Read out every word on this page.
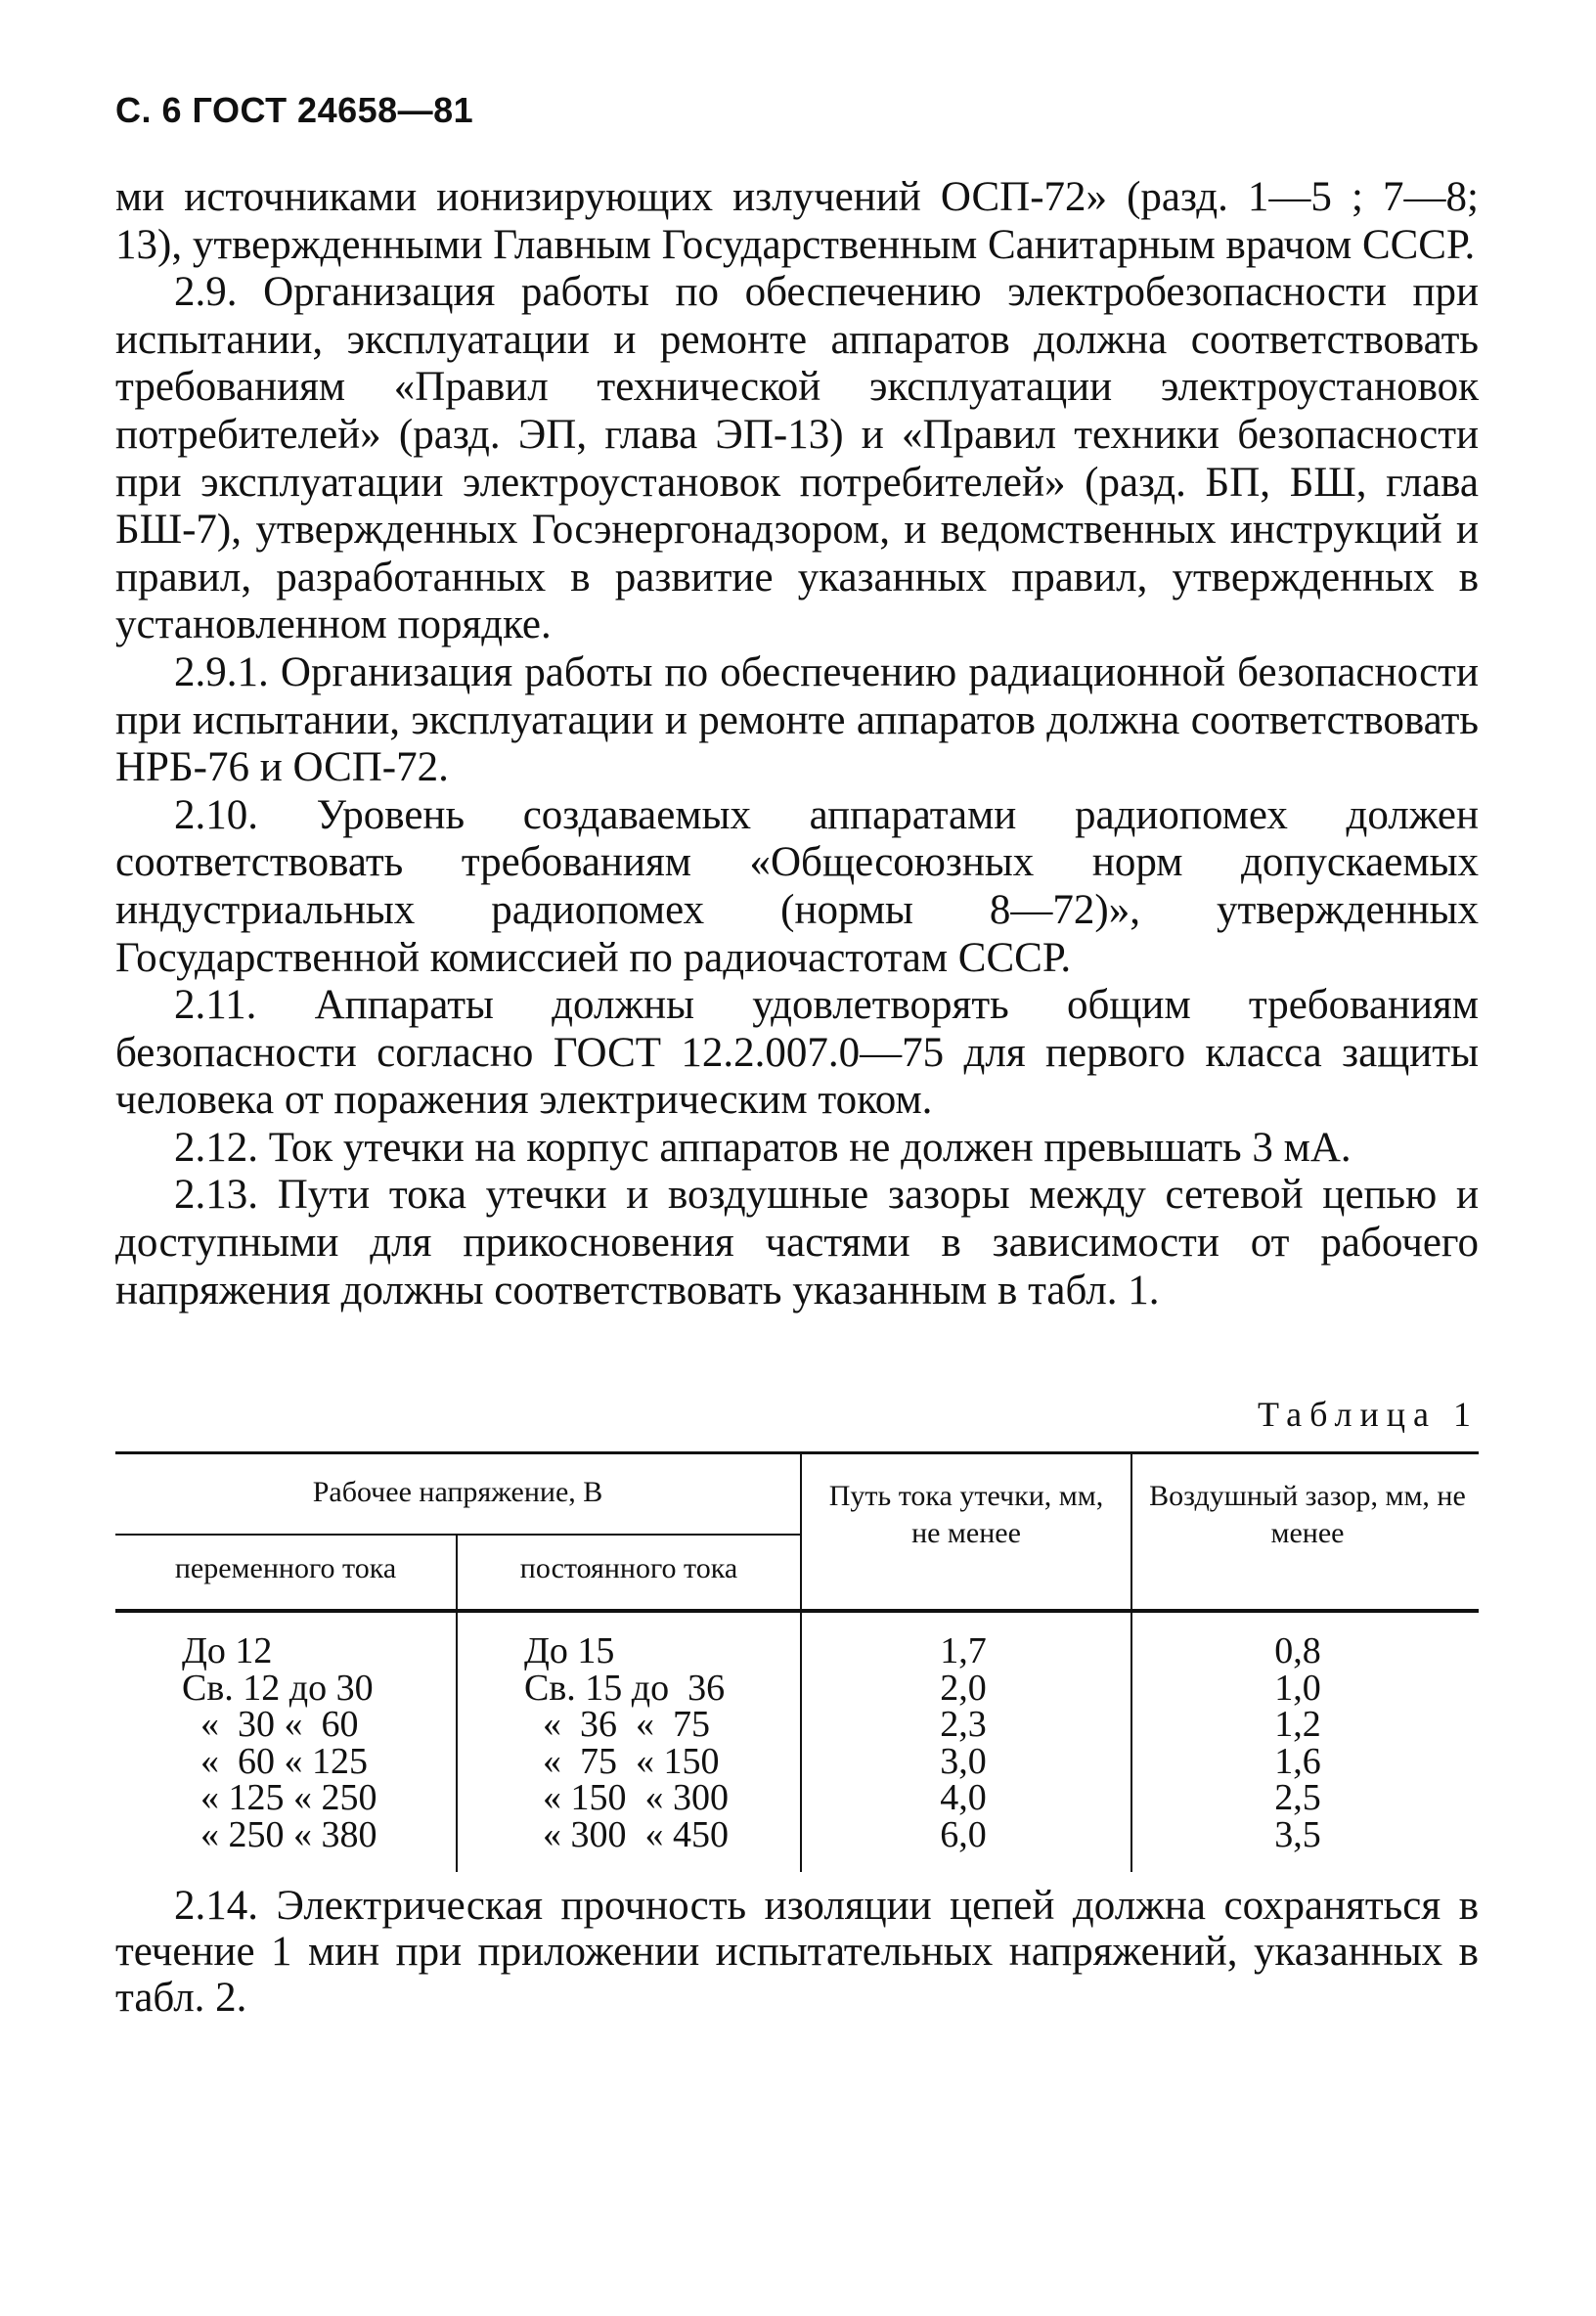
С. 6 ГОСТ 24658—81

ми источниками ионизирующих излучений ОСП-72» (разд. 1—5 ; 7—8; 13), утвержденными Главным Государственным Санитарным врачом СССР.

2.9. Организация работы по обеспечению электробезопасности при испытании, эксплуатации и ремонте аппаратов должна соответствовать требованиям «Правил технической эксплуатации электроустановок потребителей» (разд. ЭП, глава ЭП-13) и «Правил техники безопасности при эксплуатации электроустановок потребителей» (разд. БП, БШ, глава БШ-7), утвержденных Госэнергонадзором, и ведомственных инструкций и правил, разработанных в развитие указанных правил, утвержденных в установленном порядке.

2.9.1. Организация работы по обеспечению радиационной безопасности при испытании, эксплуатации и ремонте аппаратов должна соответствовать НРБ-76 и ОСП-72.

2.10. Уровень создаваемых аппаратами радиопомех должен соответствовать требованиям «Общесоюзных норм допускаемых индустриальных радиопомех (нормы 8—72)», утвержденных Государственной комиссией по радиочастотам СССР.

2.11. Аппараты должны удовлетворять общим требованиям безопасности согласно ГОСТ 12.2.007.0—75 для первого класса защиты человека от поражения электрическим током.

2.12. Ток утечки на корпус аппаратов не должен превышать 3 мА.

2.13. Пути тока утечки и воздушные зазоры между сетевой цепью и доступными для прикосновения частями в зависимости от рабочего напряжения должны соответствовать указанным в табл. 1.

Таблица 1
Рабочее напряжение, В
переменного тока	постоянного тока
Путь тока утечки, мм, не менее
Воздушный зазор, мм, не менее
До 12
Св. 12 до 30
«  30 «  60
«  60 « 125
« 125 « 250
« 250 « 380
До 15
Св. 15 до  36
«  36  «  75
«  75  « 150
« 150  « 300
« 300  « 450
1,7
2,0
2,3
3,0
4,0
6,0
0,8
1,0
1,2
1,6
2,5
3,5

2.14. Электрическая прочность изоляции цепей должна сохраняться в течение 1 мин при приложении испытательных напряжений, указанных в табл. 2.
